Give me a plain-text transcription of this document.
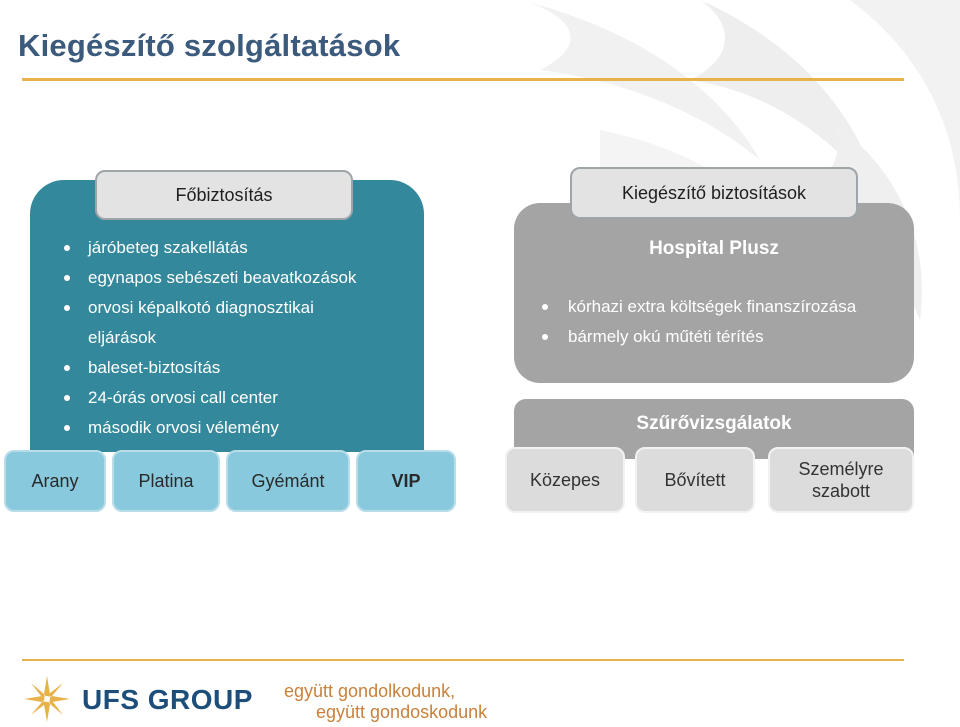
Kiegészítő szolgáltatások
Főbiztosítás
járóbeteg szakellátás
egynapos sebészeti beavatkozások
orvosi képalkotó diagnosztikai
eljárások
baleset-biztosítás
24-órás orvosi call center
második orvosi vélemény
Arany	Platina	Gyémánt	VIP
Kiegészítő biztosítások
Hospital Plusz
kórhazi extra költségek finanszírozása
bármely okú műtéti térítés
Szűrővizsgálatok
Közepes	Bővített
Személyre szabott
UFS GROUP együtt gondolkodunk,
együtt gondoskodunk
